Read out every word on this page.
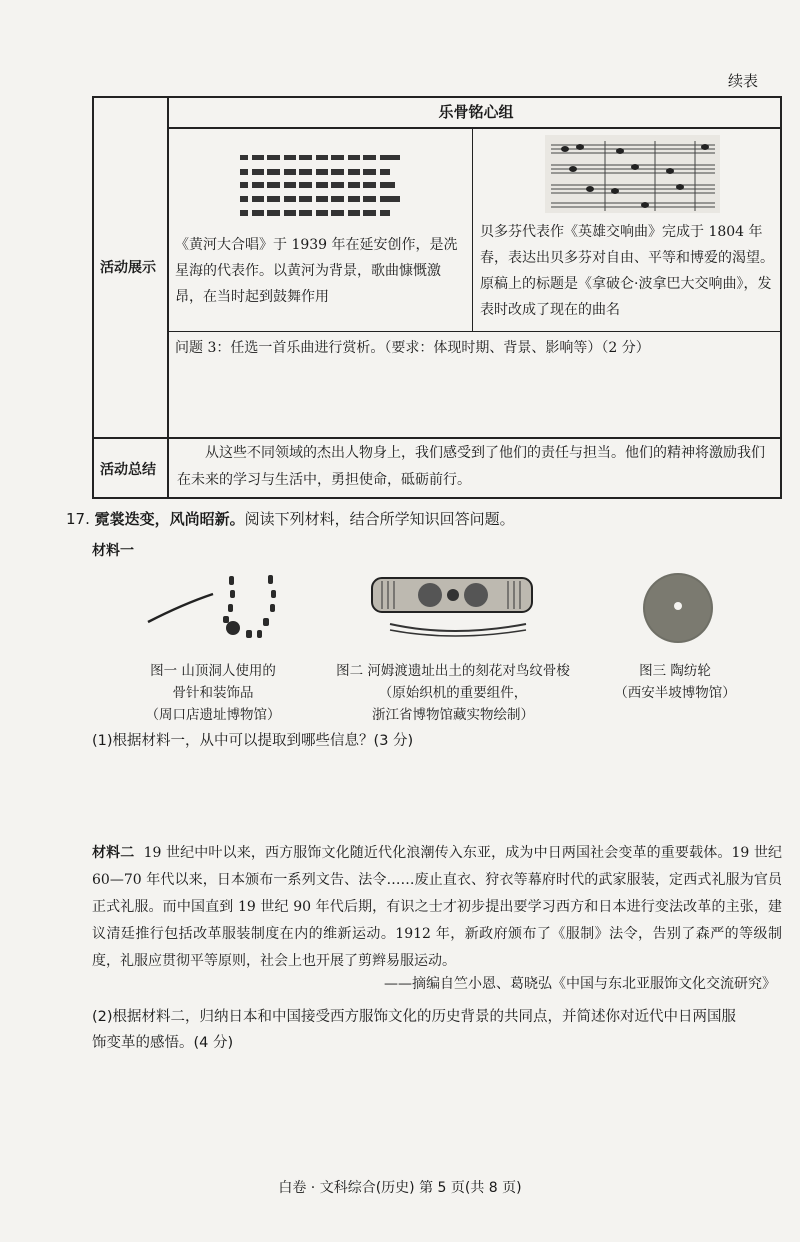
续表
乐骨铭心组
活动展示
活动总结
《黄河大合唱》于 1939 年在延安创作，是冼星海的代表作。以黄河为背景，歌曲慷慨激昂，在当时起到鼓舞作用
贝多芬代表作《英雄交响曲》完成于 1804 年春，表达出贝多芬对自由、平等和博爱的渴望。原稿上的标题是《拿破仑·波拿巴大交响曲》，发表时改成了现在的曲名
问题 3：任选一首乐曲进行赏析。（要求：体现时期、背景、影响等）（2 分）
从这些不同领域的杰出人物身上，我们感受到了他们的责任与担当。他们的精神将激励我们在未来的学习与生活中，勇担使命，砥砺前行。
17. 霓裳迭变，风尚昭新。阅读下列材料，结合所学知识回答问题。
材料一
图一 山顶洞人使用的
骨针和装饰品
（周口店遗址博物馆）
图二 河姆渡遗址出土的刻花对鸟纹骨梭
（原始织机的重要组件，
浙江省博物馆藏实物绘制）
图三 陶纺轮
（西安半坡博物馆）
(1)根据材料一，从中可以提取到哪些信息？(3 分)
材料二 19 世纪中叶以来，西方服饰文化随近代化浪潮传入东亚，成为中日两国社会变革的重要载体。19 世纪 60—70 年代以来，日本颁布一系列文告、法令……废止直衣、狩衣等幕府时代的武家服装，定西式礼服为官员正式礼服。而中国直到 19 世纪 90 年代后期，有识之士才初步提出要学习西方和日本进行变法改革的主张，建议清廷推行包括改革服装制度在内的维新运动。1912 年，新政府颁布了《服制》法令，告别了森严的等级制度，礼服应贯彻平等原则，社会上也开展了剪辫易服运动。
——摘编自竺小恩、葛晓弘《中国与东北亚服饰文化交流研究》
(2)根据材料二，归纳日本和中国接受西方服饰文化的历史背景的共同点，并简述你对近代中日两国服
饰变革的感悟。(4 分)
白卷 · 文科综合(历史) 第 5 页(共 8 页)
